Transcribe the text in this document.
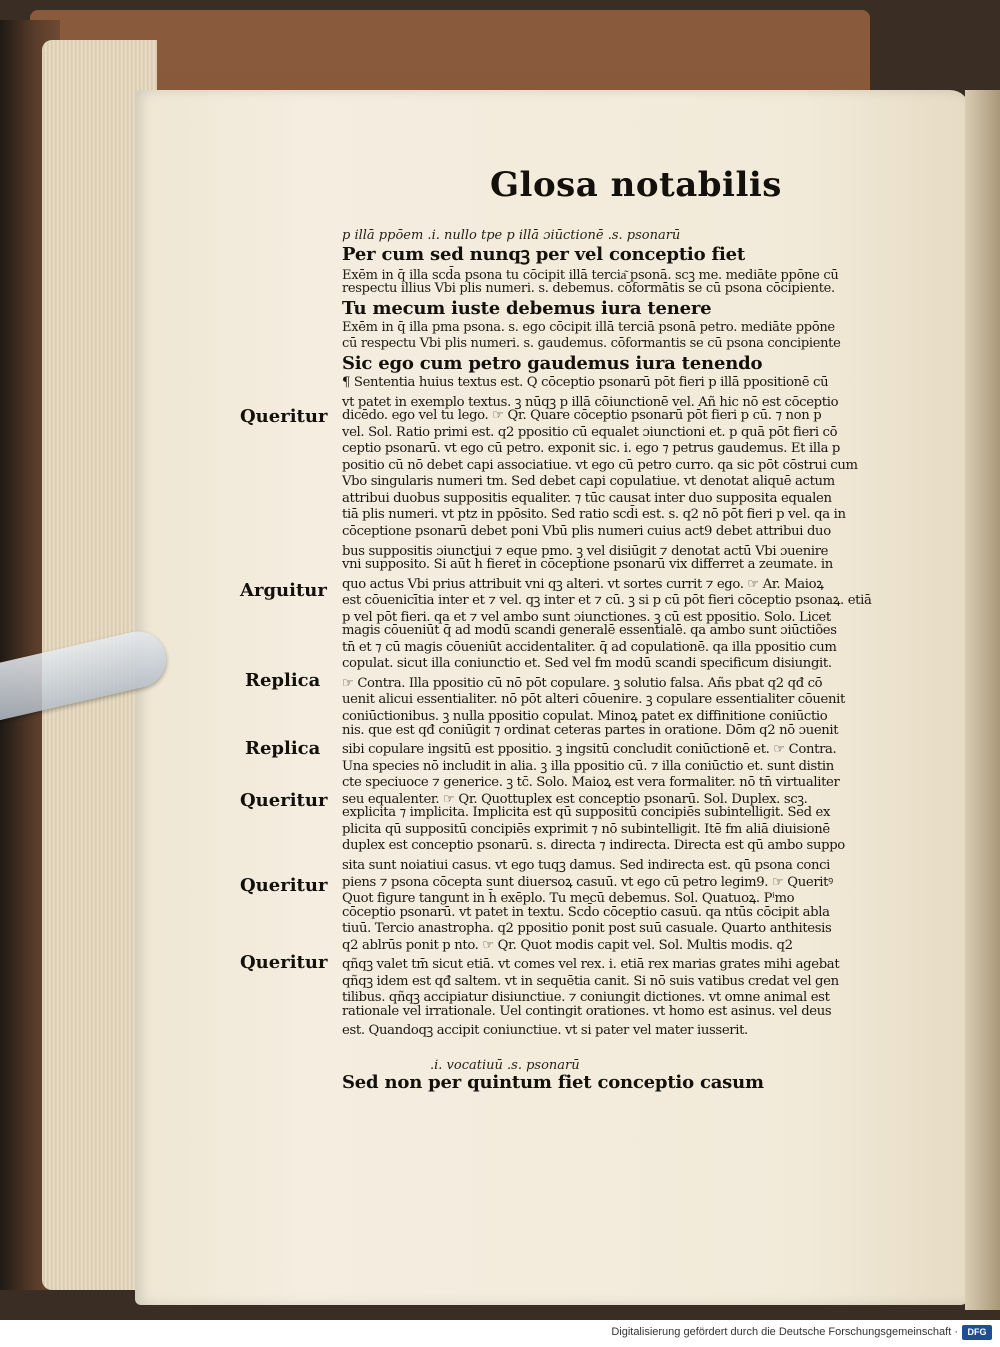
Glosa notabilis
p illā ppōem .i. nullo tpe p illā ɔiūctionē .s. psonarū
Per cum sed nunqꝫ per vel conceptio fiet
Exēm in q̄ illa scd̄a psona tu cōcipit illā tercia͂ psonā. scꝫ me. mediāte ppōne cū
respectu illius Vbi plis numeri. s. debemus. cōformātis se cū psona cōcipiente.
Tu mecum iuste debemus iura tenere
Exēm in q̄ illa pma psona. s. ego cōcipit illā terciā psonā petro. mediāte ppōne
cū respectu Vbi plis numeri. s. gaudemus. cōformantis se cū psona concipiente
Sic ego cum petro gaudemus iura tenendo
¶ Sententia huius textus est. Q cōceptio psonarū pōt fieri p illā ppositionē cū
vt patet in exemplo textus. ꝫ nūqꝫ p illā cōiunctionē vel. Añ hic nō est cōceptio
dicēdo. ego vel tu lego. ☞ Qr. Quare cōceptio psonarū pōt fieri p cū. ⁊ non p
vel. Sol. Ratio primi est. q2 ppositio cū equalet ɔiunctioni et. p quā pōt fieri cō
ceptio psonarū. vt ego cū petro. exponit sic. i. ego ⁊ petrus gaudemus. Et illa p
positio cū nō debet capi associatiue. vt ego cū petro curro. qa sic pōt cōstrui cum
Vbo singularis numeri tm. Sed debet capi copulatiue. vt denotat aliquē actum
attribui duobus suppositis equaliter. ⁊ tūc causat inter duo supposita equalen
tiā plis numeri. vt ptz in ppōsito. Sed ratio scd̄i est. s. q2 nō pōt fieri p vel. qa in
cōceptione psonarū debet poni Vbū plis numeri cuius act9 debet attribui duo
bus suppositis ɔiunctiui ⁊ eque pmo. ꝫ vel disiūgit ⁊ denotat actū Vbi ɔuenire
vni supposito. Si aūt h̄ fieret in cōceptione psonarū vix differret a zeumate. in
quo actus Vbi prius attribuit vni qꝫ alteri. vt sortes currit ⁊ ego. ☞ Ar. Maioꝝ
est cōuenicītia inter et ⁊ vel. qꝫ inter et ⁊ cū. ꝫ si p cū pōt fieri cōceptio psonaꝝ. etiā
p vel pōt fieri. qa et ⁊ vel ambo sunt ɔiunctiones. ꝫ cū est ppositio. Solo. Licet
magis cōueniūt q̄ ad modū scandi generalē essentialē. qa ambo sunt ɔiūctiões
tn̄ et ⁊ cū magis cōueniūt accidentaliter. q̄ ad copulationē. qa illa ppositio cum
copulat. sicut illa coniunctio et. Sed vel fm modū scandi specificum disiungit.
☞ Contra. Illa ppositio cū nō pōt copulare. ꝫ solutio falsa. Añs pbat q2 qđ cō
uenit alicui essentialiter. nō pōt alteri cōuenire. ꝫ copulare essentialiter cōuenit
coniūctionibus. ꝫ nulla ppositio copulat. Minoꝝ patet ex diffinitione coniūctio
nis. que est qđ coniūgit ⁊ ordinat ceteras partes in oratione. Dōm q2 nō ɔuenit
sibi copulare ingsitū est ppositio. ꝫ ingsitū concludit coniūctionē et. ☞ Contra.
Una species nō includit in alia. ꝫ illa ppositio cū. ⁊ illa coniūctio et. sunt distin
cte speciuoce ⁊ generice. ꝫ tc̄. Solo. Maioꝝ est vera formaliter. nō tn̄ virtualiter
seu equalenter. ☞ Qr. Quottuplex est conceptio psonarū. Sol. Duplex. scꝫ.
explicita ⁊ implicita. Implicita est qū suppositū concipiēs subintelligit. Sed ex
plicita qū suppositū concipiēs exprimit ⁊ nō subintelligit. Itē fm aliā diuisionē
duplex est conceptio psonarū. s. directa ⁊ indirecta. Directa est qū ambo suppo
sita sunt noiatiui casus. vt ego tuqꝫ damus. Sed indirecta est. qū psona conci
piens ⁊ psona cōcepta sunt diuersoꝝ casuū. vt ego cū petro legim9. ☞ Queritꝰ
Quot figure tangunt in h̄ exēplo. Tu mecū debemus. Sol. Quatuoꝝ. Pⁱmo
cōceptio psonarū. vt patet in textu. Scd̄o cōceptio casuū. qa ntūs cōcipit abla
tiuū. Tercio anastropha. q2 ppositio ponit post suū casuale. Quarto anthitesis
q2 ablrūs ponit p nto. ☞ Qr. Quot modis capit vel. Sol. Multis modis. q2
qñqꝫ valet tm̄ sicut etiā. vt comes vel rex. i. etiā rex marias grates mihi agebat
qñqꝫ idem est qđ saltem. vt in sequētia canit. Si nō suis vatibus credat vel gen
tilibus. qñqꝫ accipiatur disiunctiue. ⁊ coniungit dictiones. vt omne animal est
rationale vel irrationale. Uel contingit orationes. vt homo est asinus. vel deus
est. Quandoqꝫ accipit coniunctiue. vt si pater vel mater iusserit.
Queritur
Arguitur
Replica
Replica
Queritur
Queritur
Queritur
.i. vocatiuū .s. psonarū
Sed non per quintum fiet conceptio casum
Digitalisierung gefördert durch die Deutsche Forschungsgemeinschaft ·	DFG
